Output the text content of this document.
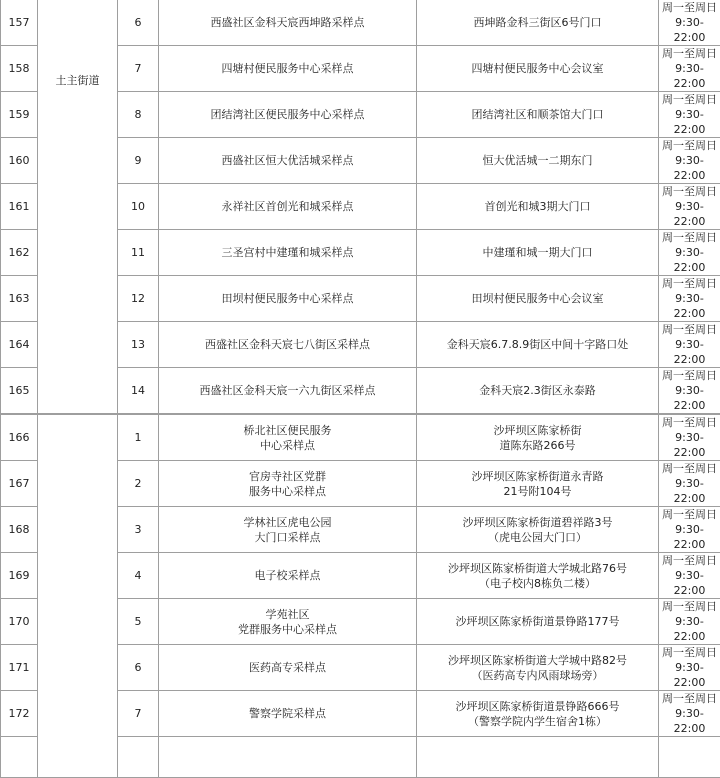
157	土主街道	6	西盛社区金科天宸西坤路采样点	西坤路金科三街区6号门口	周一至周日
9:30-22:00
158		7	四塘村便民服务中心采样点	四塘村便民服务中心会议室	周一至周日
9:30-22:00
159		8	团结湾社区便民服务中心采样点	团结湾社区和顺茶馆大门口	周一至周日
9:30-22:00
160		9	西盛社区恒大优活城采样点	恒大优活城一二期东门	周一至周日
9:30-22:00
161		10	永祥社区首创光和城采样点	首创光和城3期大门口	周一至周日
9:30-22:00
162		11	三圣宫村中建瑾和城采样点	中建瑾和城一期大门口	周一至周日
9:30-22:00
163		12	田坝村便民服务中心采样点	田坝村便民服务中心会议室	周一至周日
9:30-22:00
164		13	西盛社区金科天宸七八街区采样点	金科天宸6.7.8.9街区中间十字路口处	周一至周日
9:30-22:00
165		14	西盛社区金科天宸一六九街区采样点	金科天宸2.3街区永泰路	周一至周日
9:30-22:00
166		1	桥北社区便民服务
中心采样点	沙坪坝区陈家桥街
道陈东路266号	周一至周日
9:30-22:00
167		2	官房寺社区党群
服务中心采样点	沙坪坝区陈家桥街道永青路
21号附104号	周一至周日
9:30-22:00
168		3	学林社区虎电公园
大门口采样点	沙坪坝区陈家桥街道碧祥路3号
（虎电公园大门口）	周一至周日
9:30-22:00
169		4	电子校采样点	沙坪坝区陈家桥街道大学城北路76号
（电子校内8栋负二楼）	周一至周日
9:30-22:00
170		5	学苑社区
党群服务中心采样点	沙坪坝区陈家桥街道景铮路177号	周一至周日
9:30-22:00
171		6	医药高专采样点	沙坪坝区陈家桥街道大学城中路82号
（医药高专内风雨球场旁）	周一至周日
9:30-22:00
172		7	警察学院采样点	沙坪坝区陈家桥街道景铮路666号
（警察学院内学生宿舍1栋）	周一至周日
9:30-22:00
